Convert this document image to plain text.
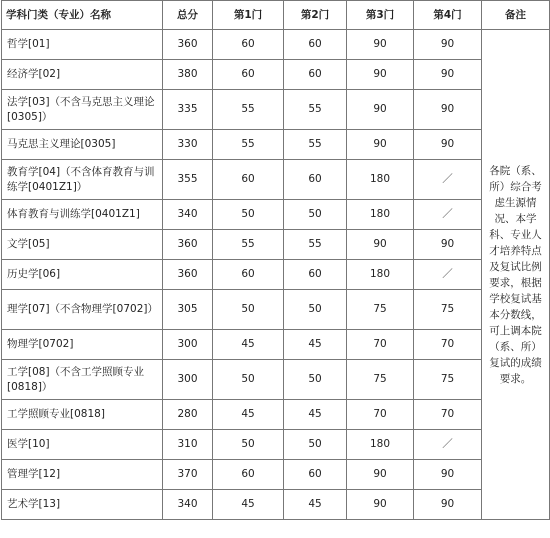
学科门类（专业）名称	总分	第1门	第2门	第3门	第4门	备注
哲学[01]	360	60	60	90	90	各院（系、所）综合考虑生源情况、本学科、专业人才培养特点及复试比例要求，根据学校复试基本分数线，可上调本院（系、所）复试的成绩要求。
经济学[02]	380	60	60	90	90	
法学[03]（不含马克思主义理论[0305]）	335	55	55	90	90	
马克思主义理论[0305]	330	55	55	90	90	
教育学[04]（不含体育教育与训练学[0401Z1]）	355	60	60	180	／	
体育教育与训练学[0401Z1]	340	50	50	180	／	
文学[05]	360	55	55	90	90	
历史学[06]	360	60	60	180	／	
理学[07]（不含物理学[0702]）	305	50	50	75	75	
物理学[0702]	300	45	45	70	70	
工学[08]（不含工学照顾专业[0818]）	300	50	50	75	75	
工学照顾专业[0818]	280	45	45	70	70	
医学[10]	310	50	50	180	／	
管理学[12]	370	60	60	90	90	
艺术学[13]	340	45	45	90	90	
